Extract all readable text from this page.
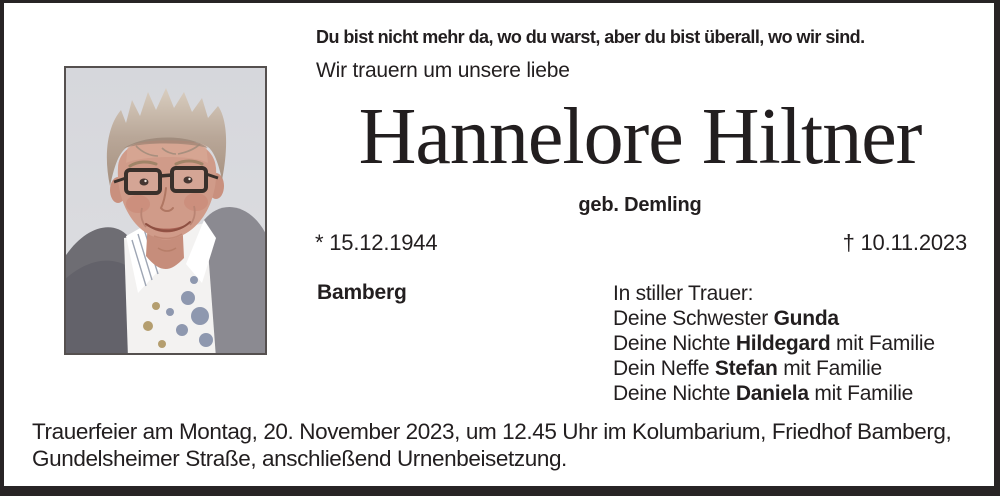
Du bist nicht mehr da, wo du warst, aber du bist überall, wo wir sind.
Wir trauern um unsere liebe
Hannelore Hiltner
geb. Demling
* 15.12.1944	† 10.11.2023
Bamberg	In stiller Trauer:
Deine Schwester Gunda
Deine Nichte Hildegard mit Familie
Dein Neffe Stefan mit Familie
Deine Nichte Daniela mit Familie
Trauerfeier am Montag, 20. November 2023, um 12.45 Uhr im Kolumbarium, Friedhof Bamberg,
Gundelsheimer Straße, anschließend Urnenbeisetzung.
